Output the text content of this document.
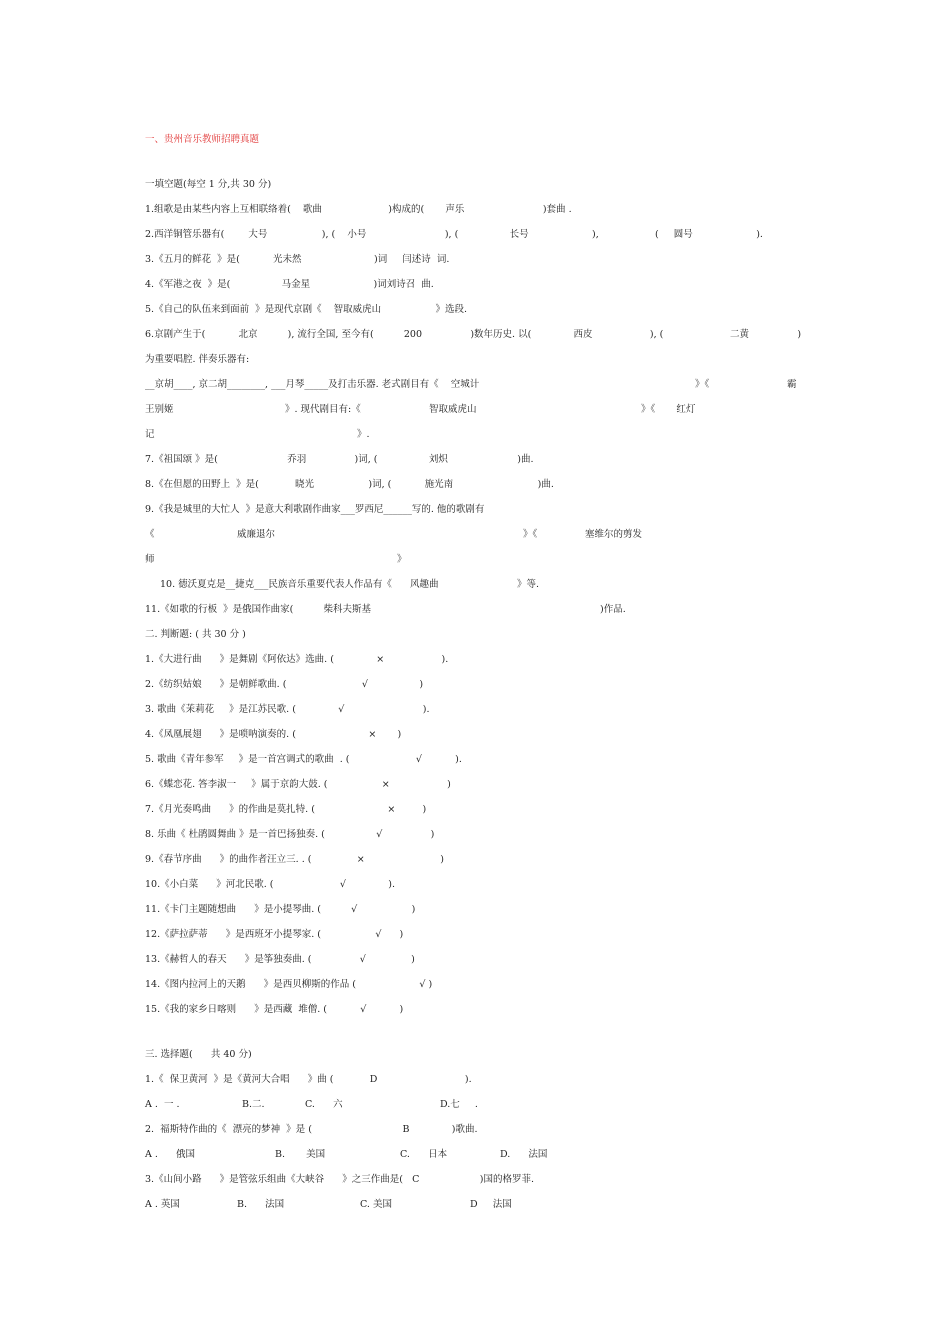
一、贵州音乐教师招聘真题
一填空题(每空 1 分,共 30 分)
1.组歌是由某些内容上互相联络着(    歌曲                      )构成的(       声乐                          )套曲 .
2.西洋铜管乐器有(        大号                  ), (    小号                          ), (                 长号                     ),	(     圆号                     ).
3.《五月的鲜花  》是(           光未然                        )词     闫述诗  词.
4.《军港之夜  》是(                 马金星                     )词刘诗召  曲.
5.《自己的队伍来到面前  》是现代京剧《    智取威虎山                  》选段.
6.京剧产生于(           北京          ), 流行全国, 至今有(          200                )数年历史. 以(              西皮                   ), (	二黄                )
为重要唱腔. 伴奏乐器有:
__京胡____, 京二胡________, ___月琴_____及打击乐器. 老式剧目有《    空城计	》《	霸
王别姬	》. 现代剧目有:《	智取威虎山	》《       红灯
记	》.
7.《祖国颂 》是(                       乔羽                )词, (                 刘炽                       )曲.
8.《在但愿的田野上  》是(            晓光                  )词, (           施光南                            )曲.
9.《我是城里的大忙人  》是意大利歌剧作曲家___罗西尼______写的. 他的歌剧有
《	威廉退尔	》《	塞维尔的剪发
师	》
10. 德沃夏克是__捷克___民族音乐重要代表人作品有《      风趣曲                          》等.
11.《如歌的行板  》是俄国作曲家(          柴科夫斯基	)作品.
二. 判断题: ( 共 30 分 )
1.《大进行曲      》是舞剧《阿依达》选曲. (              ×                   ).
2.《纺织姑娘      》是朝鲜歌曲. (                         √                 )
3. 歌曲《茉莉花     》是江苏民歌. (              √                          ).
4.《凤凰展翅      》是唢呐演奏的. (                        ×       )
5. 歌曲《青年参军     》是一首宫调式的歌曲  . (                      √           ).
6.《蝶恋花. 答李淑一     》属于京韵大鼓. (                  ×                   )
7.《月光奏鸣曲      》的作曲是莫扎特. (                        ×         )
8. 乐曲《 杜鹃圆舞曲 》是一首巴扬独奏. (                 √                )
9.《春节序曲      》的曲作者汪立三. . (               ×                         )
10.《小白菜      》河北民歌. (                      √              ).
11.《卡门主题随想曲      》是小提琴曲. (          √                  )
12.《萨拉萨蒂      》是西班牙小提琴家. (                  √      )
13.《赫哲人的春天      》是筝独奏曲. (                √               )
14.《图内拉河上的天鹅      》是西贝柳斯的作品 (                     √ )
15.《我的家乡日喀则      》是西藏  堆僧. (           √           )
三. 选择题(      共 40 分)
1.《  保卫黄河  》是《黄河大合唱      》曲 (            D                             ).
A .  一 .	B.二.	C.      六	D.七     .
2.  福斯特作曲的《  漂亮的梦神  》是 (                              B              )歌曲.
A .      俄国	B.       美国	C.      日本	D.      法国
3.《山间小路      》是管弦乐组曲《大峡谷      》之三作曲是(   C                    )国的格罗菲.
A . 英国	B.      法国	C. 美国	D     法国
